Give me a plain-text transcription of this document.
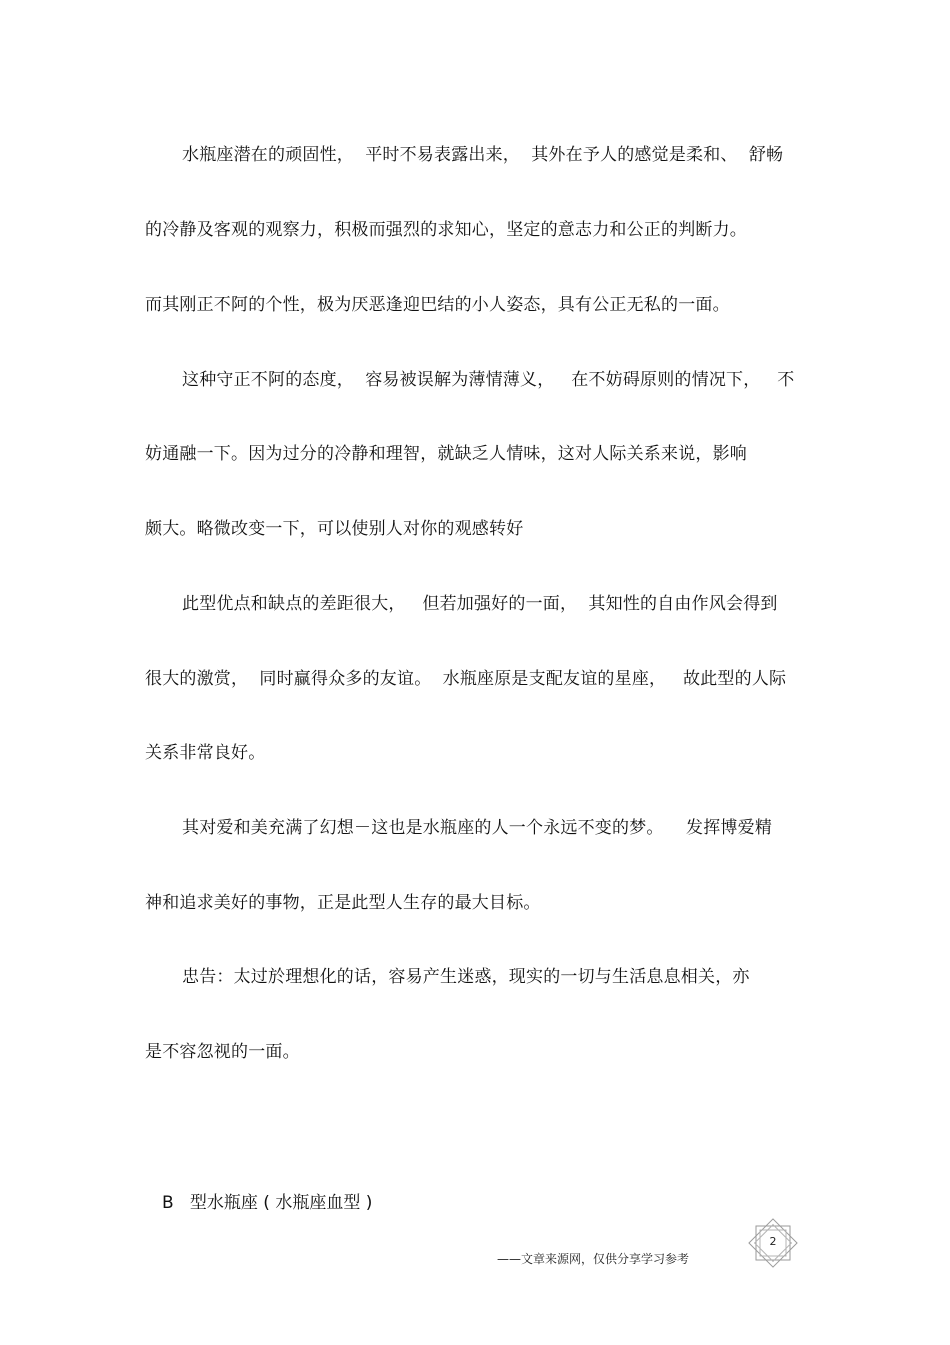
水瓶座潜在的顽固性，  平时不易表露出来，  其外在予人的感觉是柔和、  舒畅
的冷静及客观的观察力，积极而强烈的求知心，坚定的意志力和公正的判断力。
而其刚正不阿的个性，极为厌恶逢迎巴结的小人姿态，具有公正无私的一面。
这种守正不阿的态度，  容易被误解为薄情薄义，   在不妨碍原则的情况下，   不
妨通融一下。因为过分的冷静和理智，就缺乏人情味，这对人际关系来说，影响
颇大。略微改变一下，可以使别人对你的观感转好
此型优点和缺点的差距很大，   但若加强好的一面，  其知性的自由作风会得到
很大的激赏，  同时赢得众多的友谊。  水瓶座原是支配友谊的星座，   故此型的人际
关系非常良好。
其对爱和美充满了幻想－这也是水瓶座的人一个永远不变的梦。    发挥博爱精
神和追求美好的事物，正是此型人生存的最大目标。
忠告：太过於理想化的话，容易产生迷惑，现实的一切与生活息息相关，亦
是不容忽视的一面。
B   型水瓶座 ( 水瓶座血型 )
——文章来源网，仅供分享学习参考
2
